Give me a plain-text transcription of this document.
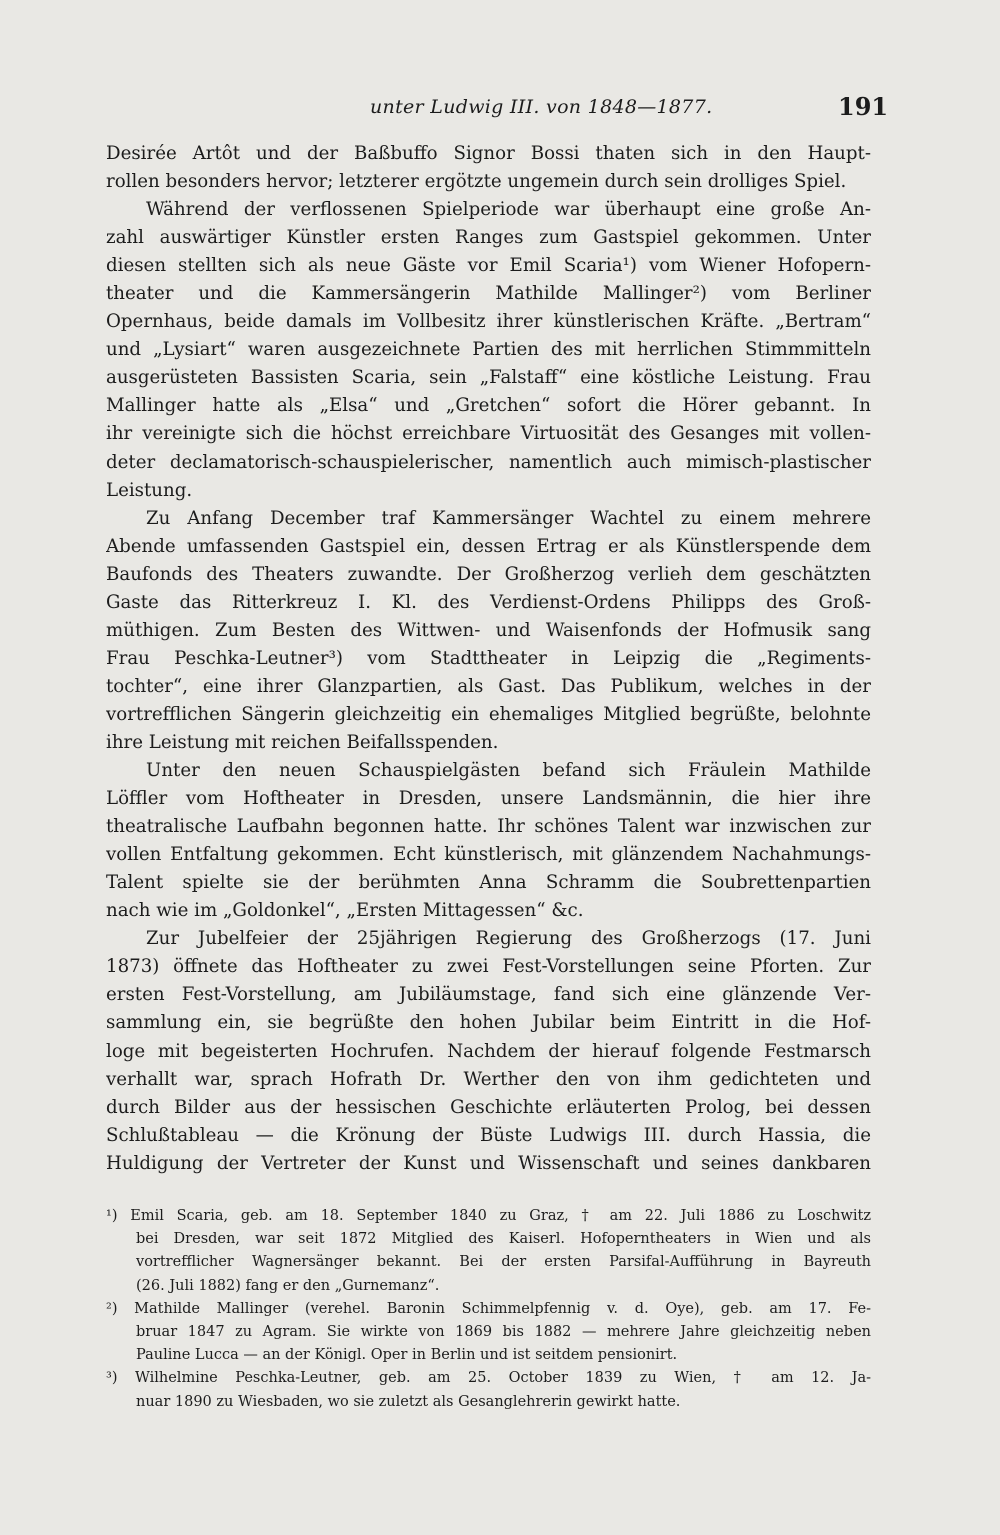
unter Ludwig III. von 1848—1877.	191
Desirée Artôt und der Baßbuffo Signor Bossi thaten sich in den Haupt-
rollen besonders hervor; letzterer ergötzte ungemein durch sein drolliges Spiel.
Während der verflossenen Spielperiode war überhaupt eine große An-
zahl auswärtiger Künstler ersten Ranges zum Gastspiel gekommen. Unter
diesen stellten sich als neue Gäste vor Emil Scaria¹) vom Wiener Hofopern-
theater und die Kammersängerin Mathilde Mallinger²) vom Berliner
Opernhaus, beide damals im Vollbesitz ihrer künstlerischen Kräfte. „Bertram“
und „Lysiart“ waren ausgezeichnete Partien des mit herrlichen Stimmmitteln
ausgerüsteten Bassisten Scaria, sein „Falstaff“ eine köstliche Leistung. Frau
Mallinger hatte als „Elsa“ und „Gretchen“ sofort die Hörer gebannt. In
ihr vereinigte sich die höchst erreichbare Virtuosität des Gesanges mit vollen-
deter declamatorisch-schauspielerischer, namentlich auch mimisch-plastischer
Leistung.
Zu Anfang December traf Kammersänger Wachtel zu einem mehrere
Abende umfassenden Gastspiel ein, dessen Ertrag er als Künstlerspende dem
Baufonds des Theaters zuwandte. Der Großherzog verlieh dem geschätzten
Gaste das Ritterkreuz I. Kl. des Verdienst-Ordens Philipps des Groß-
müthigen. Zum Besten des Wittwen- und Waisenfonds der Hofmusik sang
Frau Peschka-Leutner³) vom Stadttheater in Leipzig die „Regiments-
tochter“, eine ihrer Glanzpartien, als Gast. Das Publikum, welches in der
vortrefflichen Sängerin gleichzeitig ein ehemaliges Mitglied begrüßte, belohnte
ihre Leistung mit reichen Beifallsspenden.
Unter den neuen Schauspielgästen befand sich Fräulein Mathilde
Löffler vom Hoftheater in Dresden, unsere Landsmännin, die hier ihre
theatralische Laufbahn begonnen hatte. Ihr schönes Talent war inzwischen zur
vollen Entfaltung gekommen. Echt künstlerisch, mit glänzendem Nachahmungs-
Talent spielte sie der berühmten Anna Schramm die Soubrettenpartien
nach wie im „Goldonkel“, „Ersten Mittagessen“ &c.
Zur Jubelfeier der 25jährigen Regierung des Großherzogs (17. Juni
1873) öffnete das Hoftheater zu zwei Fest-Vorstellungen seine Pforten. Zur
ersten Fest-Vorstellung, am Jubiläumstage, fand sich eine glänzende Ver-
sammlung ein, sie begrüßte den hohen Jubilar beim Eintritt in die Hof-
loge mit begeisterten Hochrufen. Nachdem der hierauf folgende Festmarsch
verhallt war, sprach Hofrath Dr. Werther den von ihm gedichteten und
durch Bilder aus der hessischen Geschichte erläuterten Prolog, bei dessen
Schlußtableau — die Krönung der Büste Ludwigs III. durch Hassia, die
Huldigung der Vertreter der Kunst und Wissenschaft und seines dankbaren
¹) Emil Scaria, geb. am 18. September 1840 zu Graz, † am 22. Juli 1886 zu Loschwitz
bei Dresden, war seit 1872 Mitglied des Kaiserl. Hofoperntheaters in Wien und als
vortrefflicher Wagnersänger bekannt. Bei der ersten Parsifal-Aufführung in Bayreuth
(26. Juli 1882) fang er den „Gurnemanz“.
²) Mathilde Mallinger (verehel. Baronin Schimmelpfennig v. d. Oye), geb. am 17. Fe-
bruar 1847 zu Agram. Sie wirkte von 1869 bis 1882 — mehrere Jahre gleichzeitig neben
Pauline Lucca — an der Königl. Oper in Berlin und ist seitdem pensionirt.
³) Wilhelmine Peschka-Leutner, geb. am 25. October 1839 zu Wien, † am 12. Ja-
nuar 1890 zu Wiesbaden, wo sie zuletzt als Gesanglehrerin gewirkt hatte.
